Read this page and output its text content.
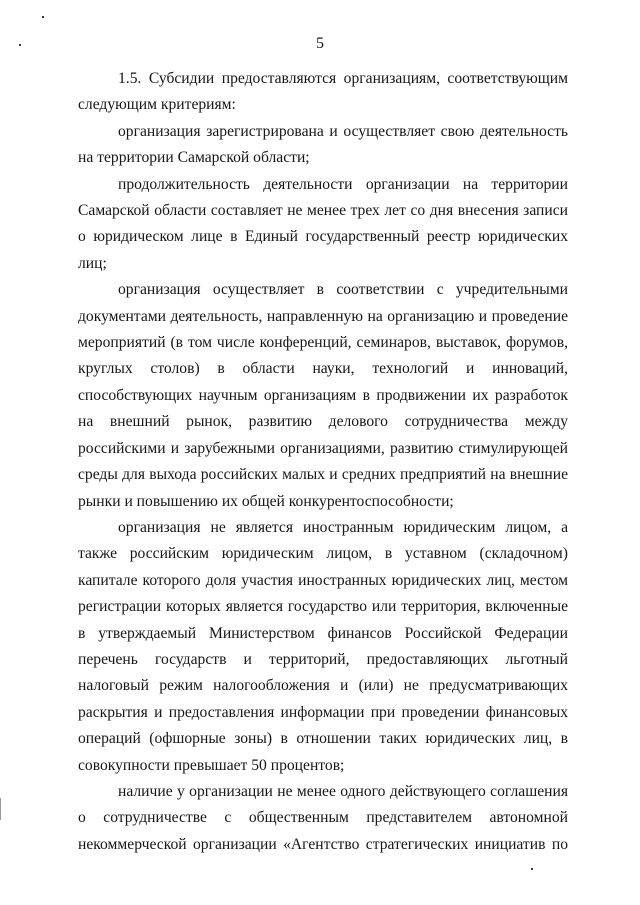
5

1.5. Субсидии предоставляются организациям, соответствующим следующим критериям:

организация зарегистрирована и осуществляет свою деятельность на территории Самарской области;

продолжительность деятельности организации на территории Самарской области составляет не менее трех лет со дня внесения записи о юридическом лице в Единый государственный реестр юридических лиц;

организация осуществляет в соответствии с учредительными документами деятельность, направленную на организацию и проведение мероприятий (в том числе конференций, семинаров, выставок, форумов, круглых столов) в области науки, технологий и инноваций, способствующих научным организациям в продвижении их разработок на внешний рынок, развитию делового сотрудничества между российскими и зарубежными организациями, развитию стимулирующей среды для выхода российских малых и средних предприятий на внешние рынки и повышению их общей конкурентоспособности;

организация не является иностранным юридическим лицом, а также российским юридическим лицом, в уставном (складочном) капитале которого доля участия иностранных юридических лиц, местом регистрации которых является государство или территория, включенные в утверждаемый Министерством финансов Российской Федерации перечень государств и территорий, предоставляющих льготный налоговый режим налогообложения и (или) не предусматривающих раскрытия и предоставления информации при проведении финансовых операций (офшорные зоны) в отношении таких юридических лиц, в совокупности превышает 50 процентов;

наличие у организации не менее одного действующего соглашения о сотрудничестве с общественным представителем автономной некоммерческой организации «Агентство стратегических инициатив по
